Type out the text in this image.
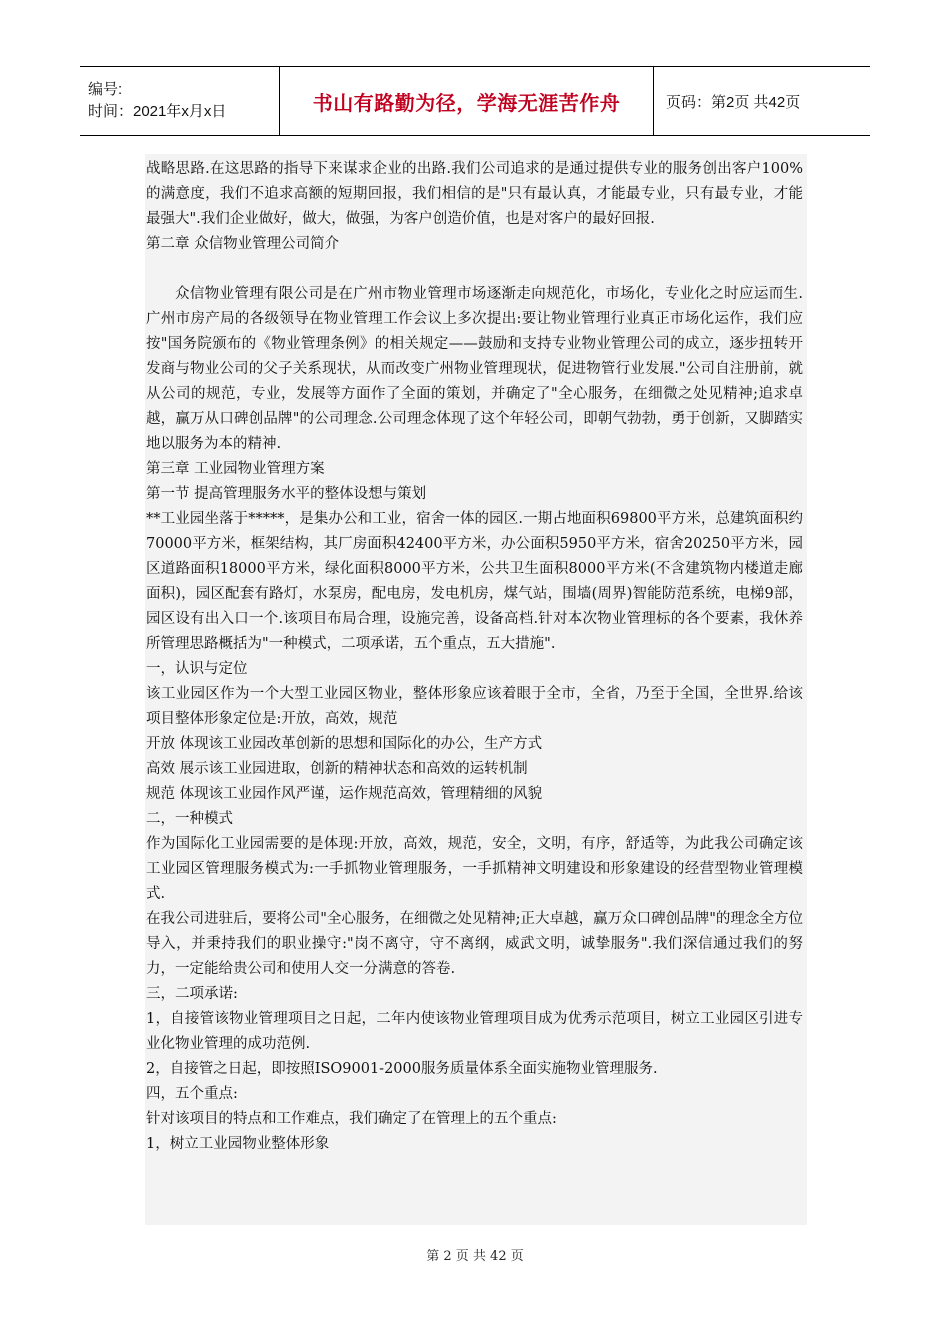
编号:
时间：2021年x月x日	书山有路勤为径，学海无涯苦作舟	页码：第2页 共42页

战略思路.在这思路的指导下来谋求企业的出路.我们公司追求的是通过提供专业的服务创出客户100%的满意度，我们不追求高额的短期回报，我们相信的是"只有最认真，才能最专业，只有最专业，才能最强大".我们企业做好，做大，做强，为客户创造价值，也是对客户的最好回报.

第二章 众信物业管理公司简介

众信物业管理有限公司是在广州市物业管理市场逐渐走向规范化，市场化，专业化之时应运而生.广州市房产局的各级领导在物业管理工作会议上多次提出:要让物业管理行业真正市场化运作，我们应按"国务院颁布的《物业管理条例》的相关规定——鼓励和支持专业物业管理公司的成立，逐步扭转开发商与物业公司的父子关系现状，从而改变广州物业管理现状，促进物管行业发展."公司自注册前，就从公司的规范，专业，发展等方面作了全面的策划，并确定了"全心服务，在细微之处见精神;追求卓越，赢万从口碑创品牌"的公司理念.公司理念体现了这个年轻公司，即朝气勃勃，勇于创新，又脚踏实地以服务为本的精神.

第三章 工业园物业管理方案

第一节 提高管理服务水平的整体设想与策划

**工业园坐落于*****，是集办公和工业，宿舍一体的园区.一期占地面积69800平方米，总建筑面积约70000平方米，框架结构，其厂房面积42400平方米，办公面积5950平方米，宿舍20250平方米，园区道路面积18000平方米，绿化面积8000平方米，公共卫生面积8000平方米(不含建筑物内楼道走廊面积)，园区配套有路灯，水泵房，配电房，发电机房，煤气站，围墙(周界)智能防范系统，电梯9部，园区设有出入口一个.该项目布局合理，设施完善，设备高档.针对本次物业管理标的各个要素，我休养所管理思路概括为"一种模式，二项承诺，五个重点，五大措施".

一，认识与定位

该工业园区作为一个大型工业园区物业，整体形象应该着眼于全市，全省，乃至于全国，全世界.给该项目整体形象定位是:开放，高效，规范

开放 体现该工业园改革创新的思想和国际化的办公，生产方式

高效 展示该工业园进取，创新的精神状态和高效的运转机制

规范 体现该工业园作风严谨，运作规范高效，管理精细的风貌

二，一种模式

作为国际化工业园需要的是体现:开放，高效，规范，安全，文明，有序，舒适等，为此我公司确定该工业园区管理服务模式为:一手抓物业管理服务，一手抓精神文明建设和形象建设的经营型物业管理模式.

在我公司进驻后，要将公司"全心服务，在细微之处见精神;正大卓越，赢万众口碑创品牌"的理念全方位导入，并秉持我们的职业操守:"岗不离守，守不离纲，威武文明，诚挚服务".我们深信通过我们的努力，一定能给贵公司和使用人交一分满意的答卷.

三，二项承诺:

1，自接管该物业管理项目之日起，二年内使该物业管理项目成为优秀示范项目，树立工业园区引进专业化物业管理的成功范例.

2，自接管之日起，即按照ISO9001-2000服务质量体系全面实施物业管理服务.

四，五个重点:

针对该项目的特点和工作难点，我们确定了在管理上的五个重点:

1，树立工业园物业整体形象

第 2 页 共 42 页
